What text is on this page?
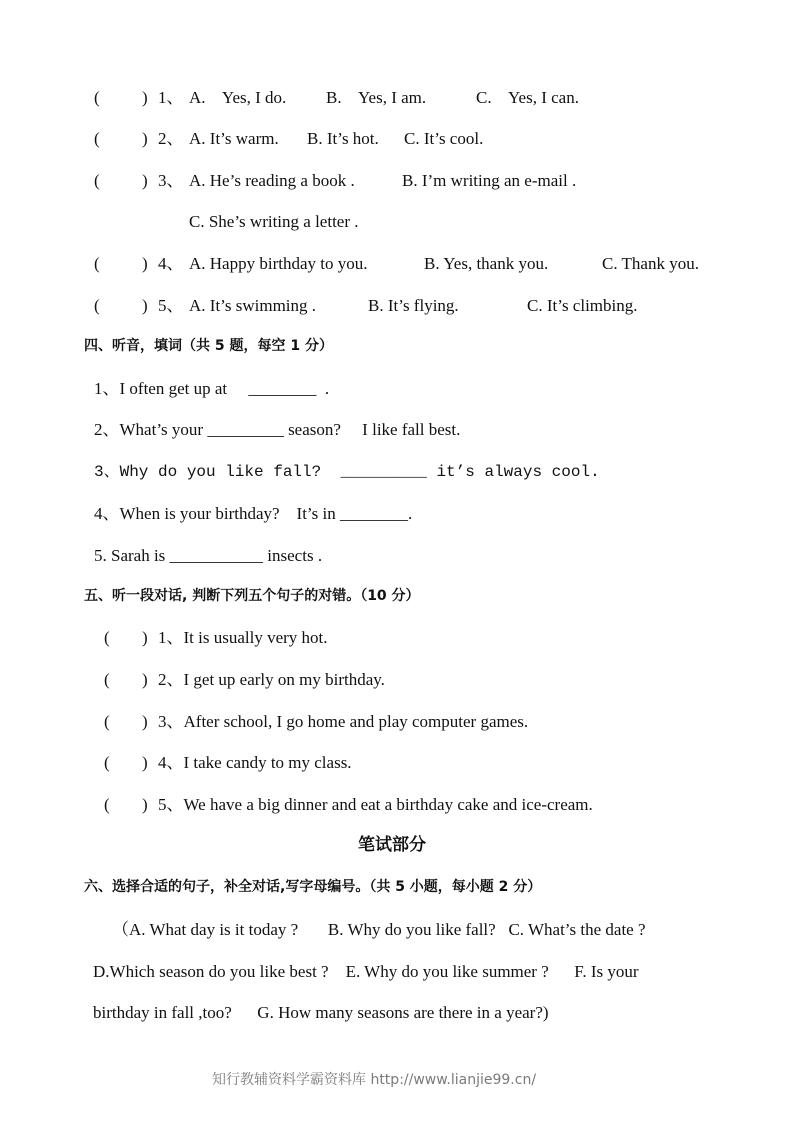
( ) 1、 A.    Yes, I do. B.    Yes, I am.	C.    Yes, I can.
( ) 2、 A. It’s warm. B. It’s hot. C. It’s cool.
( ) 3、 A. He’s reading a book .	B. I’m writing an e-mail .
C. She’s writing a letter .
( ) 4、 A. Happy birthday to you.	B. Yes, thank you.	C. Thank you.
( ) 5、 A. It’s swimming .	B. It’s flying.	C. It’s climbing.
四、听音，填词（共 5 题，每空 1 分）
1、I often get up at     ________  .
2、What’s your _________ season?     I like fall best.
3、Why do you like fall?  _________ it’s always cool.
4、When is your birthday?    It’s in ________.
5. Sarah is ___________ insects .
五、听一段对话, 判断下列五个句子的对错。（10 分）
( ) 1、It is usually very hot.
( ) 2、I get up early on my birthday.
( ) 3、After school, I go home and play computer games.
( ) 4、I take candy to my class.
( ) 5、We have a big dinner and eat a birthday cake and ice-cream.
笔试部分
六、选择合适的句子，补全对话,写字母编号。（共 5 小题，每小题 2 分）
（A. What day is it today ?       B. Why do you like fall?   C. What’s the date ?
D.Which season do you like best ?    E. Why do you like summer ?      F. Is your
birthday in fall ,too?      G. How many seasons are there in a year?)
知行教辅资料学霸资料库 http://www.lianjie99.cn/
